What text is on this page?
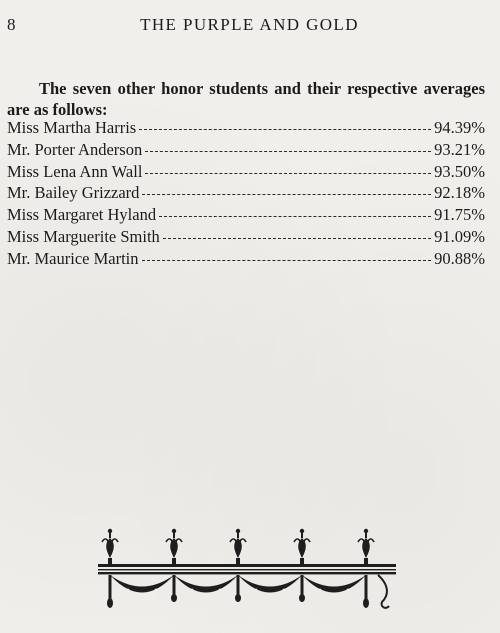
8	THE PURPLE AND GOLD

The seven other honor students and their respective averages are as follows:

Miss Martha Harris	94.39%
Mr. Porter Anderson	93.21%
Miss Lena Ann Wall	93.50%
Mr. Bailey Grizzard	92.18%
Miss Margaret Hyland	91.75%
Miss Marguerite Smith	91.09%
Mr. Maurice Martin	90.88%
